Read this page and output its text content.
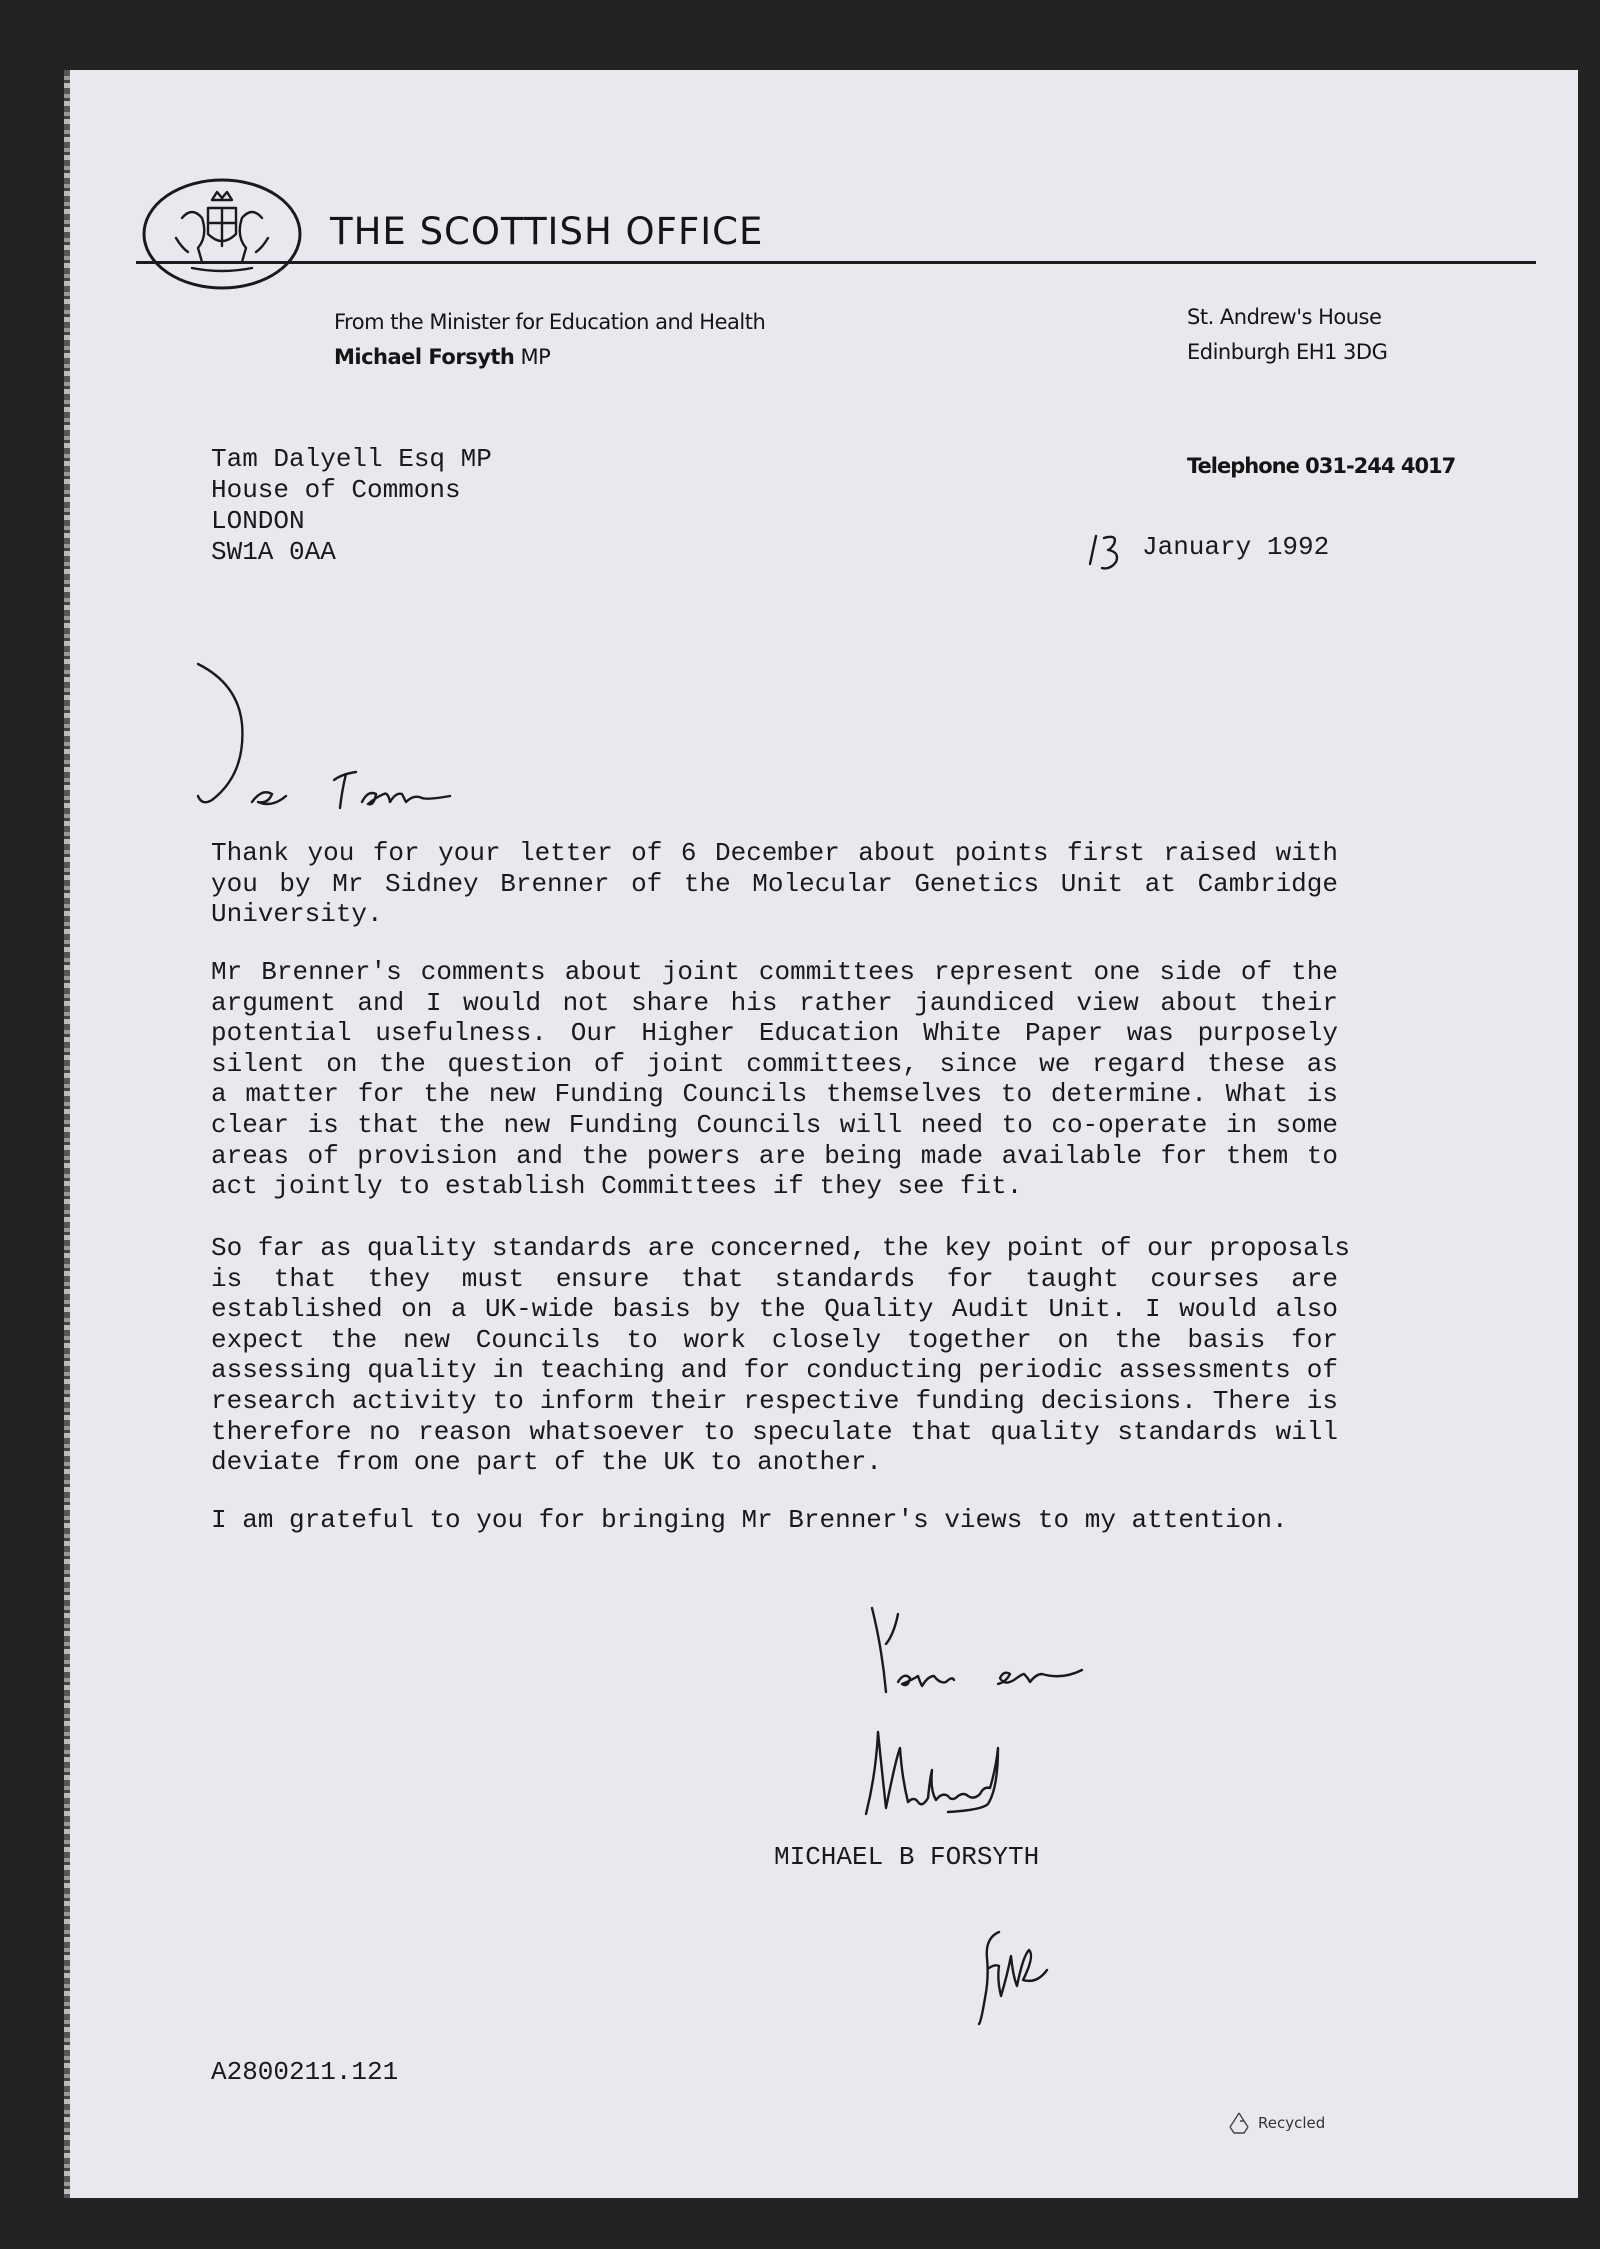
THE SCOTTISH OFFICE

From the Minister for Education and Health

Michael Forsyth MP

St. Andrew's House

Edinburgh EH1 3DG

Telephone 031-244 4017

Tam Dalyell Esq MP
House of Commons
LONDON
SW1A 0AA	January 1992

Thank you for your letter of 6 December about points first raised with
you by Mr Sidney Brenner of the Molecular Genetics Unit at Cambridge
University.
Mr Brenner's comments about joint committees represent one side of the
argument and I would not share his rather jaundiced view about their
potential usefulness. Our Higher Education White Paper was purposely
silent on the question of joint committees, since we regard these as
a matter for the new Funding Councils themselves to determine. What is
clear is that the new Funding Councils will need to co-operate in some
areas of provision and the powers are being made available for them to
act jointly to establish Committees if they see fit.
So far as quality standards are concerned, the key point of our proposals
is that they must ensure that standards for taught courses are
established on a UK-wide basis by the Quality Audit Unit. I would also
expect the new Councils to work closely together on the basis for
assessing quality in teaching and for conducting periodic assessments of
research activity to inform their respective funding decisions. There is
therefore no reason whatsoever to speculate that quality standards will
deviate from one part of the UK to another.
I am grateful to you for bringing Mr Brenner's views to my attention.

MICHAEL B FORSYTH

A2800211.121

Recycled
